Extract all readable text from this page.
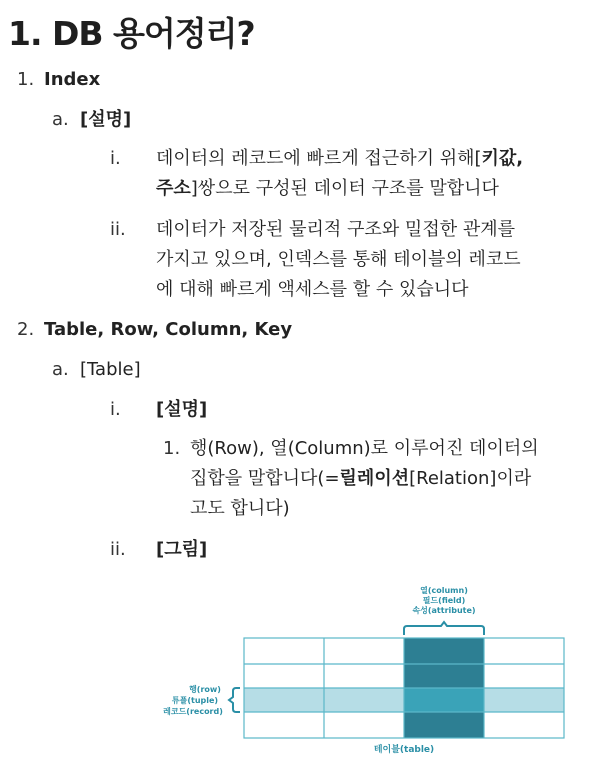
1. DB 용어정리?
1. Index
a. [설명]
i. 데이터의 레코드에 빠르게 접근하기 위해[키값,
주소]쌍으로 구성된 데이터 구조를 말합니다
ii. 데이터가 저장된 물리적 구조와 밀접한 관계를
가지고 있으며, 인덱스를 통해 테이블의 레코드
에 대해 빠르게 액세스를 할 수 있습니다
2. Table, Row, Column, Key
a. [Table]
i. [설명]
1. 행(Row), 열(Column)로 이루어진 데이터의
집합을 말합니다(=릴레이션[Relation]이라
고도 합니다)
ii. [그림]
열(column)
필드(field)
속성(attribute)
행(row)
튜플(tuple)
레코드(record)
테이블(table)
